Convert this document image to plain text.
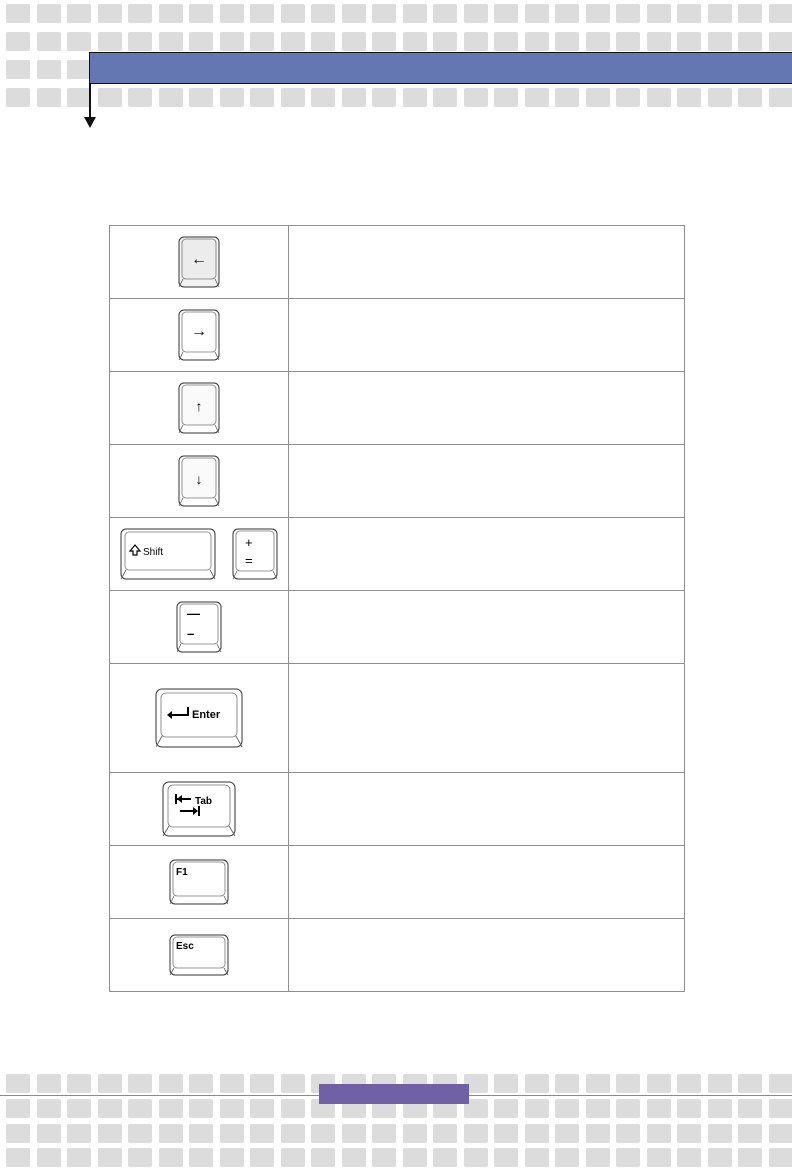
←	

→	

↑	

↓	

Shift
+
=	

—
–	

Enter	

Tab	

F1	

Esc	
